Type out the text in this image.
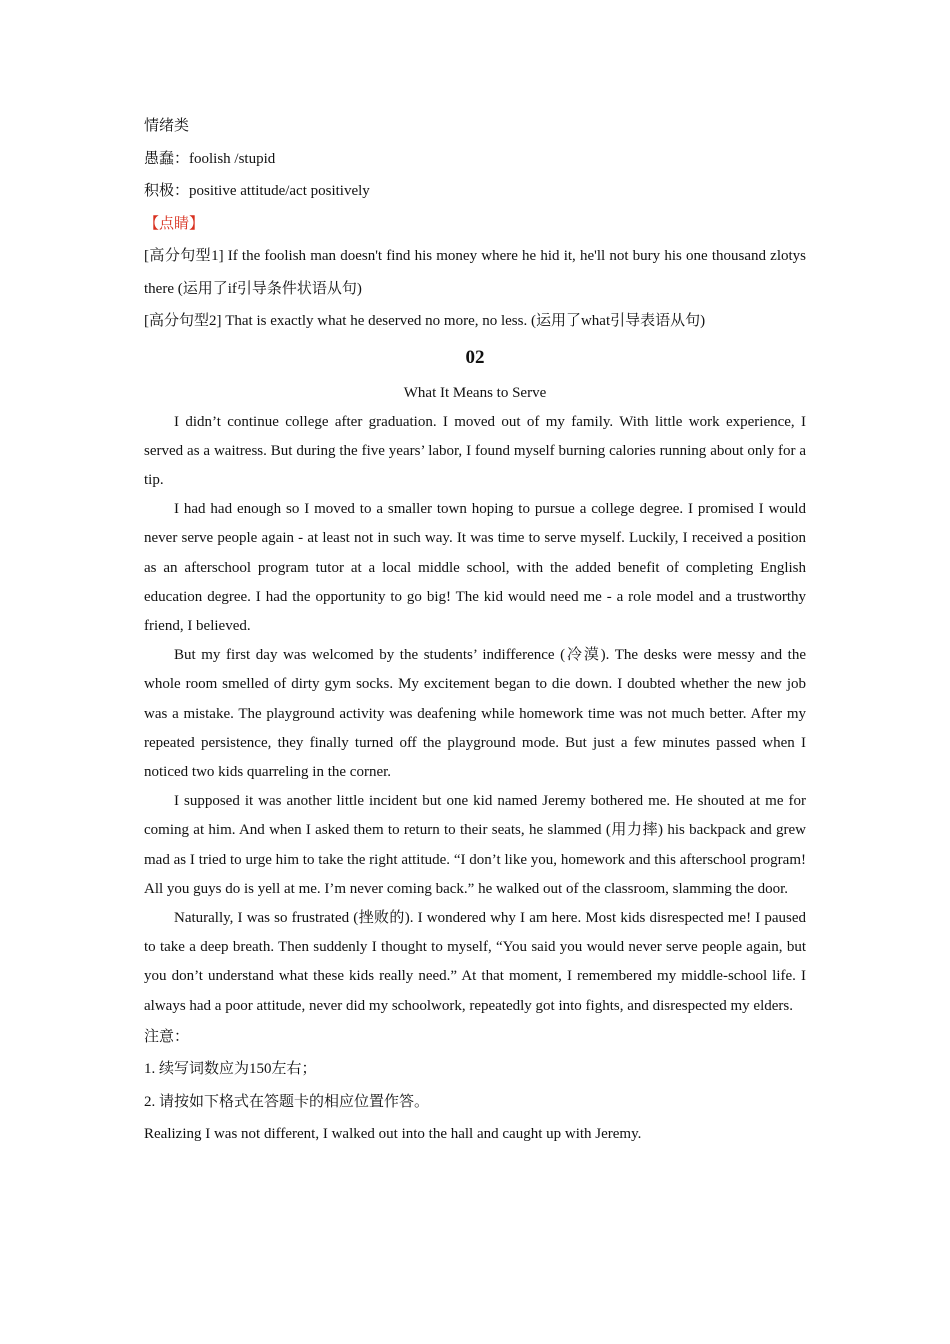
情绪类

愚蠢：foolish /stupid

积极：positive attitude/act positively

【点睛】

[高分句型1] If the foolish man doesn't find his money where he hid it, he'll not bury his one thousand zlotys there (运用了if引导条件状语从句)

[高分句型2] That is exactly what he deserved no more, no less. (运用了what引导表语从句)

02

What It Means to Serve

I didn’t continue college after graduation. I moved out of my family. With little work experience, I served as a waitress. But during the five years’ labor, I found myself burning calories running about only for a tip.

I had had enough so I moved to a smaller town hoping to pursue a college degree. I promised I would never serve people again - at least not in such way. It was time to serve myself. Luckily, I received a position as an afterschool program tutor at a local middle school, with the added benefit of completing English education degree. I had the opportunity to go big! The kid would need me - a role model and a trustworthy friend, I believed.

But my first day was welcomed by the students’ indifference (冷漠). The desks were messy and the whole room smelled of dirty gym socks. My excitement began to die down. I doubted whether the new job was a mistake. The playground activity was deafening while homework time was not much better. After my repeated persistence, they finally turned off the playground mode. But just a few minutes passed when I noticed two kids quarreling in the corner.

I supposed it was another little incident but one kid named Jeremy bothered me. He shouted at me for coming at him. And when I asked them to return to their seats, he slammed (用力摔) his backpack and grew mad as I tried to urge him to take the right attitude. “I don’t like you, homework and this afterschool program! All you guys do is yell at me. I’m never coming back.” he walked out of the classroom, slamming the door.

Naturally, I was so frustrated (挫败的). I wondered why I am here. Most kids disrespected me! I paused to take a deep breath. Then suddenly I thought to myself, “You said you would never serve people again, but you don’t understand what these kids really need.” At that moment, I remembered my middle-school life. I always had a poor attitude, never did my schoolwork, repeatedly got into fights, and disrespected my elders.

注意：

1. 续写词数应为150左右；

2. 请按如下格式在答题卡的相应位置作答。

Realizing I was not different, I walked out into the hall and caught up with Jeremy.
